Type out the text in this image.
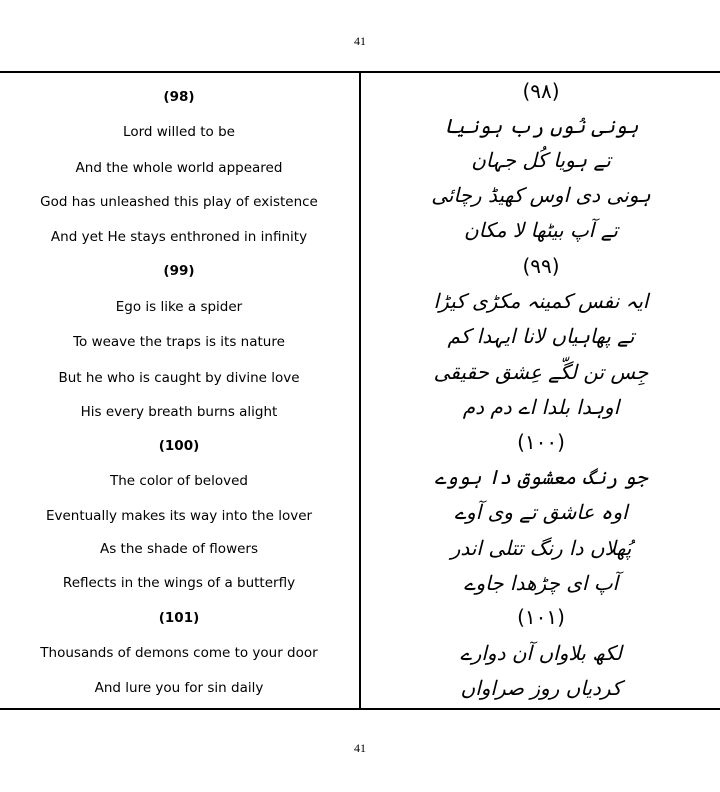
41
(98)
Lord willed to be
And the whole world appeared
God has unleashed this play of existence
And yet He stays enthroned in infinity
(99)
Ego is like a spider
To weave the traps is its nature
But he who is caught by divine love
His every breath burns alight
(100)
The color of beloved
Eventually makes its way into the lover
As the shade of flowers
Reflects in the wings of a butterfly
(101)
Thousands of demons come to your door
And lure you for sin daily
(۹۸)
ہونی نُوں رب ہونیا
تے ہویا کُل جہان
ہونی دی اوس کھیڈ رچائی
تے آپ بیٹھا لا مکان
(۹۹)
ایہ نفس کمینہ مکڑی کیڑا
تے پھاہیاں لانا ایہدا کم
جِس تن لگّے عِشق حقیقی
اوہدا بلدا اے دم دم
(۱۰۰)
جو رنگ معشوق دا ہووے
اوہ عاشق تے وی آوے
پُھلاں دا رنگ تتلی اندر
آپ ای چڑھدا جاوے
(۱۰۱)
لکھ بلاواں آن دوارے
کردیاں روز صراواں
41
